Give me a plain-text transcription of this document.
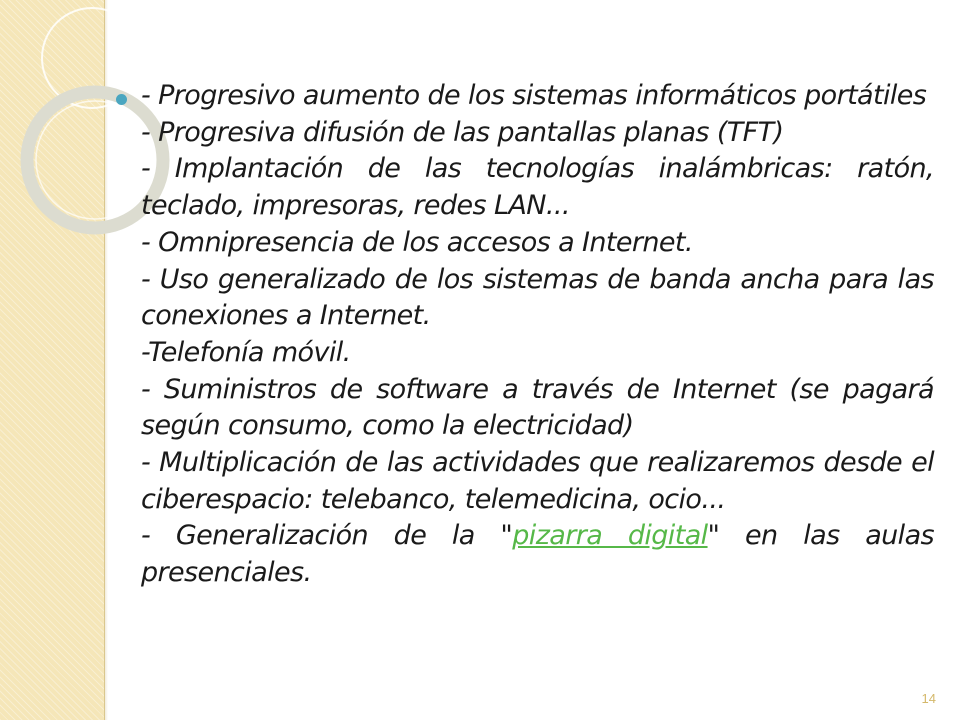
- Progresivo aumento de los sistemas informáticos portátiles
- Progresiva difusión de las pantallas planas (TFT)
- Implantación de las tecnologías inalámbricas: ratón, teclado, impresoras, redes LAN...
- Omnipresencia de los accesos a Internet.
- Uso generalizado de los sistemas de banda ancha para las conexiones a Internet.
-Telefonía móvil.
- Suministros de software a través de Internet (se pagará según consumo, como la electricidad)
- Multiplicación de las actividades que realizaremos desde el ciberespacio: telebanco, telemedicina, ocio...
- Generalización de la "pizarra digital" en las aulas presenciales.
14
